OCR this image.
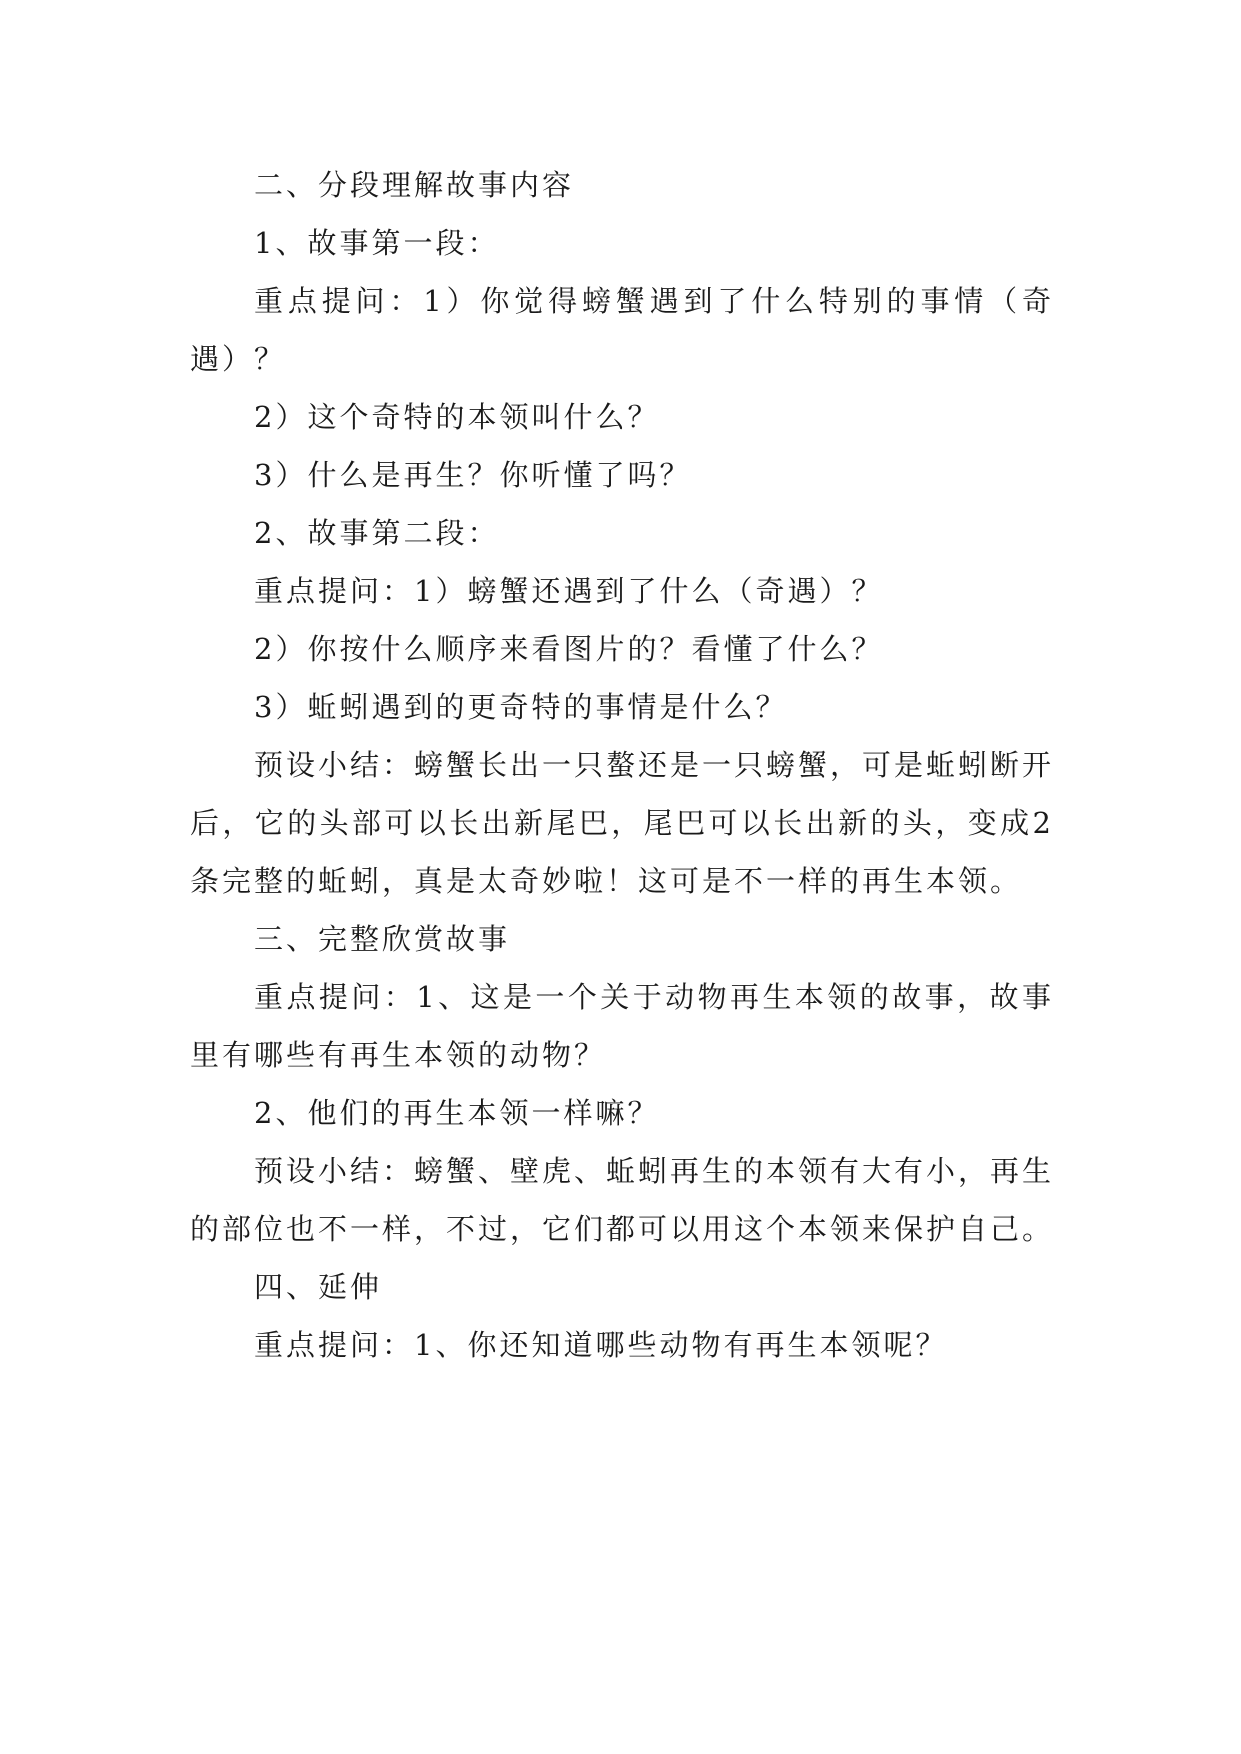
二、分段理解故事内容

1、故事第一段：

重点提问：1）你觉得螃蟹遇到了什么特别的事情（奇遇）？

2）这个奇特的本领叫什么？

3）什么是再生？你听懂了吗？

2、故事第二段：

重点提问：1）螃蟹还遇到了什么（奇遇）？

2）你按什么顺序来看图片的？看懂了什么？

3）蚯蚓遇到的更奇特的事情是什么？

预设小结：螃蟹长出一只螯还是一只螃蟹，可是蚯蚓断开后，它的头部可以长出新尾巴，尾巴可以长出新的头，变成2条完整的蚯蚓，真是太奇妙啦！这可是不一样的再生本领。

三、完整欣赏故事

重点提问：1、这是一个关于动物再生本领的故事，故事里有哪些有再生本领的动物？

2、他们的再生本领一样嘛？

预设小结：螃蟹、壁虎、蚯蚓再生的本领有大有小，再生的部位也不一样，不过，它们都可以用这个本领来保护自己。

四、延伸

重点提问：1、你还知道哪些动物有再生本领呢？
